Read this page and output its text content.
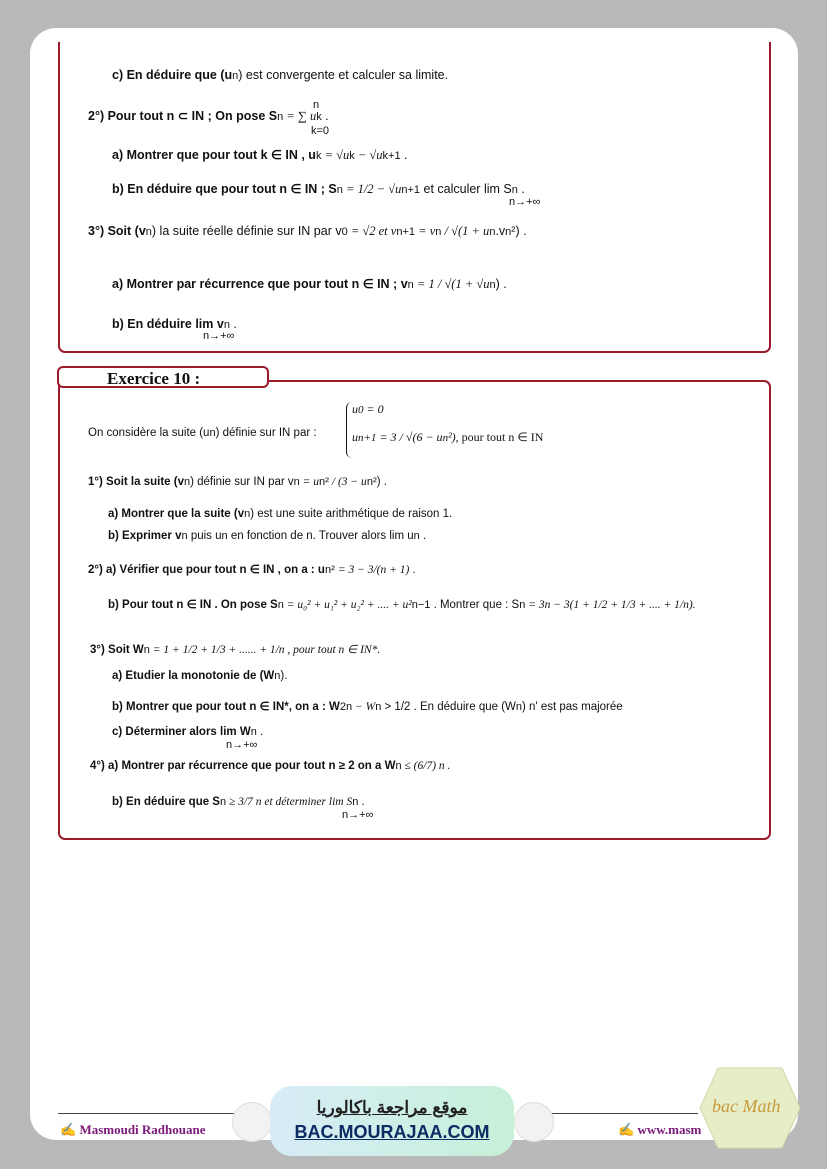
c) En déduire que (un) est convergente et calculer sa limite.
2°) Pour tout n ⊂ IN ; On pose Sn = ∑ uk .
n
k=0
a) Montrer que pour tout k ∈ IN , uk = √uk − √uk+1 .
b) En déduire que pour tout n ∈ IN ; Sn = 1/2 − √un+1 et calculer lim Sn .
n→+∞
3°) Soit (vn) la suite réelle définie sur IN par v0 = √2 et vn+1 = vn / √(1 + un.vn²) .
a) Montrer par récurrence que pour tout n ∈ IN ; vn = 1 / √(1 + √un) .
b) En déduire lim vn .
n→+∞
Exercice 10 :
On considère la suite (un) définie sur IN par :
u0 = 0
un+1 = 3 / √(6 − un²), pour tout n ∈ IN
1°) Soit la suite (vn) définie sur IN par vn = un² / (3 − un²) .
a) Montrer que la suite (vn) est une suite arithmétique de raison 1.
b) Exprimer vn puis un en fonction de n. Trouver alors lim un .
2°) a) Vérifier que pour tout n ∈ IN , on a : un² = 3 − 3/(n + 1) .
b) Pour tout n ∈ IN . On pose Sn = u₀² + u₁² + u₂² + .... + u²n−1 . Montrer que : Sn = 3n − 3(1 + 1/2 + 1/3 + .... + 1/n).
3°) Soit Wn = 1 + 1/2 + 1/3 + ...... + 1/n , pour tout n ∈ IN*.
a) Etudier la monotonie de (Wn).
b) Montrer que pour tout n ∈ IN*, on a : W2n − Wn > 1/2 . En déduire que (Wn) n' est pas majorée
c) Déterminer alors lim Wn .
n→+∞
4°) a) Montrer par récurrence que pour tout n ≥ 2 on a Wn ≤ (6/7) n .
b) En déduire que Sn ≥ 3/7 n et déterminer lim Sn .
n→+∞
✍ Masmoudi Radhouane	✍ www.masm
موقع مراجعة باكالوريا
BAC.MOURAJAA.COM
bac Math
